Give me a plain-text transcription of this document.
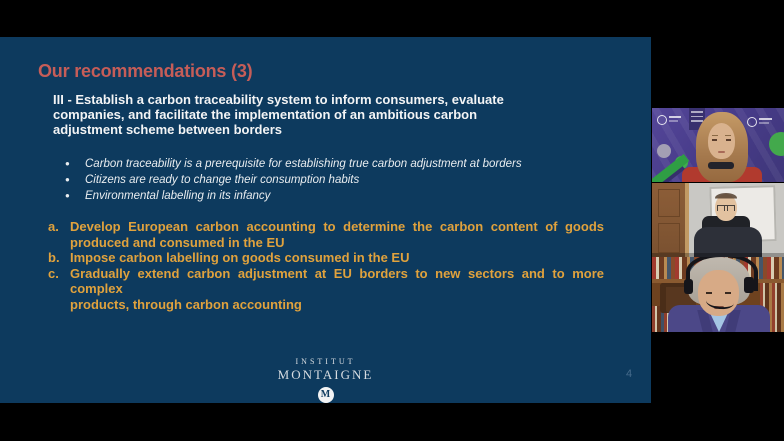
Our recommendations (3)
III - Establish a carbon traceability system to inform consumers, evaluate
companies, and facilitate the implementation of an ambitious carbon
adjustment scheme between borders
●	Carbon traceability is a prerequisite for establishing true carbon adjustment at borders
●	Citizens are ready to change their consumption habits
●	Environmental labelling in its infancy
a. Develop European carbon accounting to determine the carbon content of goods
produced and consumed in the EU
b. Impose carbon labelling on goods consumed in the EU
c. Gradually extend carbon adjustment at EU borders to new sectors and to more complex
products, through carbon accounting
INSTITUT
MONTAIGNE
M
4
